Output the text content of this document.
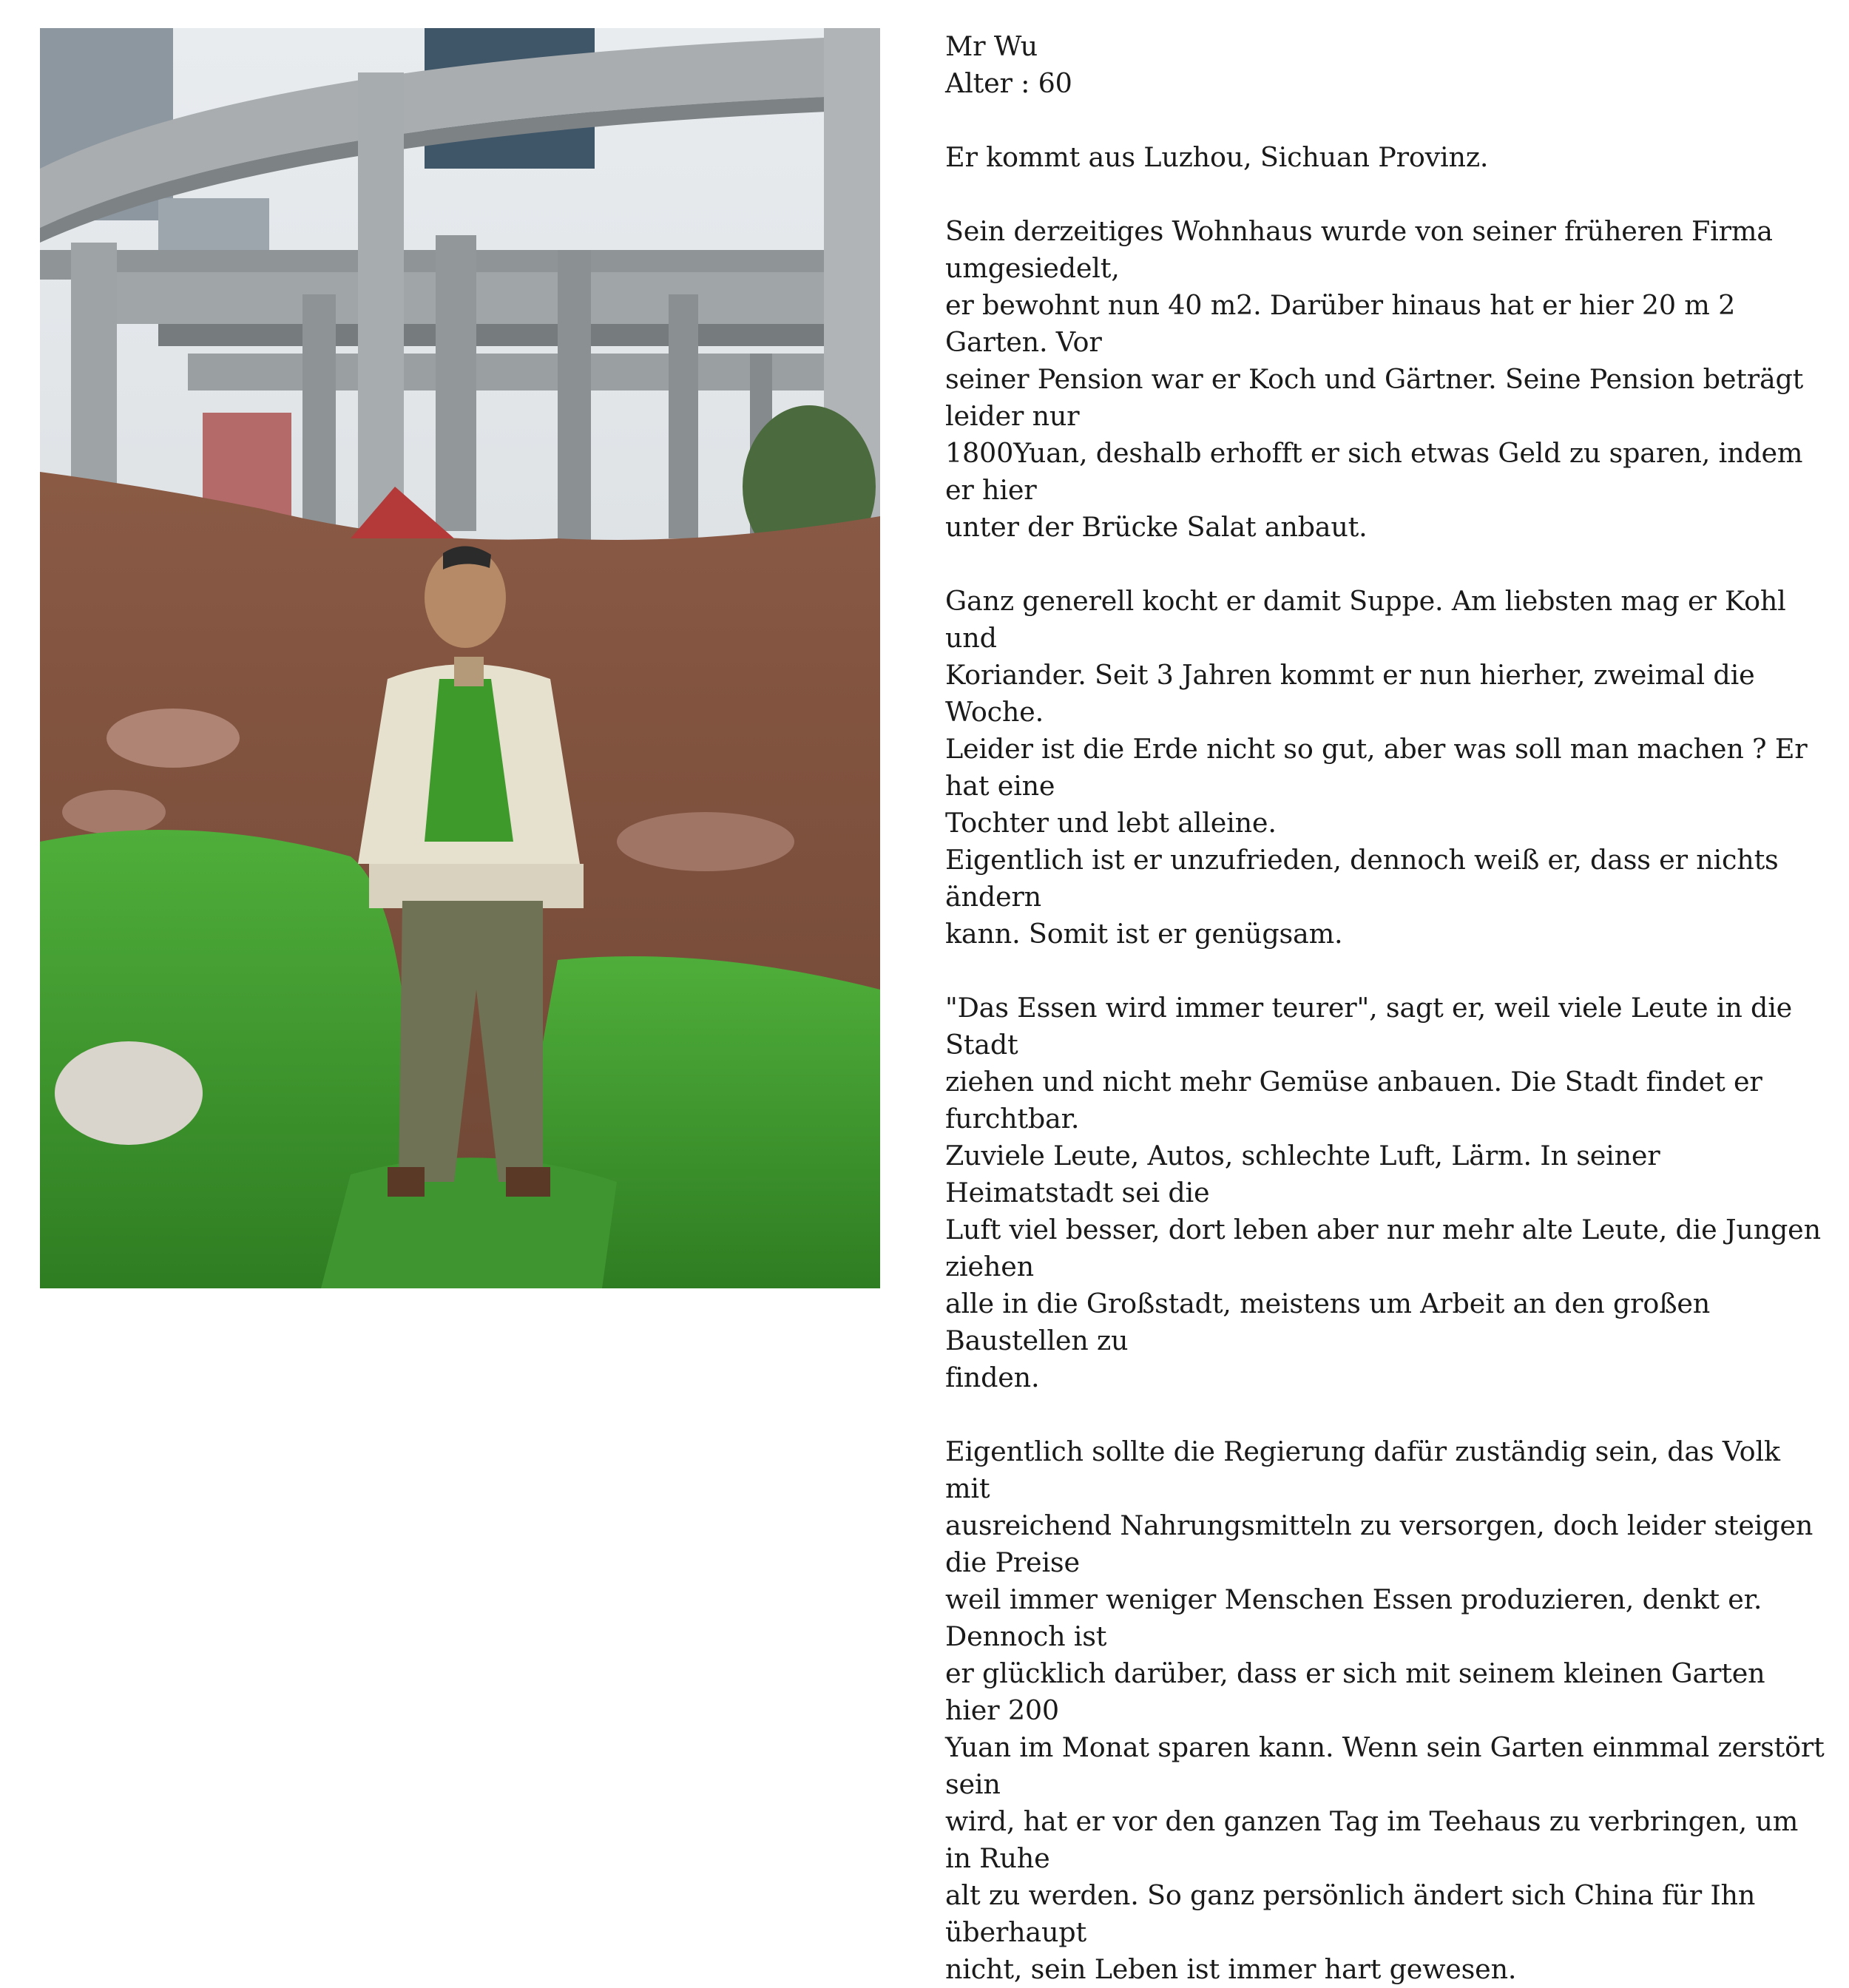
Mr Wu
Alter : 60

Er kommt aus Luzhou, Sichuan Provinz.

Sein derzeitiges Wohnhaus wurde von seiner früheren Firma umgesiedelt,
er bewohnt nun 40 m2. Darüber hinaus hat er hier 20 m 2 Garten. Vor
seiner Pension war er Koch und Gärtner. Seine Pension beträgt leider nur
1800Yuan, deshalb erhofft er sich etwas Geld zu sparen, indem er hier
unter der Brücke Salat anbaut.

Ganz generell kocht er damit Suppe. Am liebsten mag er Kohl und
Koriander. Seit 3 Jahren kommt er nun hierher, zweimal die Woche.
Leider ist die Erde nicht so gut, aber was soll man machen ? Er hat eine
Tochter und lebt alleine.

Eigentlich ist er unzufrieden, dennoch weiß er, dass er nichts ändern
kann. Somit ist er genügsam.

"Das Essen wird immer teurer", sagt er, weil viele Leute in die Stadt
ziehen und nicht mehr Gemüse anbauen. Die Stadt findet er furchtbar.
Zuviele Leute, Autos, schlechte Luft, Lärm. In seiner Heimatstadt sei die
Luft viel besser, dort leben aber nur mehr alte Leute, die Jungen ziehen
alle in die Großstadt, meistens um Arbeit an den großen Baustellen zu
finden.

Eigentlich sollte die Regierung dafür zuständig sein, das Volk mit
ausreichend Nahrungsmitteln zu versorgen, doch leider steigen die Preise
weil immer weniger Menschen Essen produzieren, denkt er. Dennoch ist
er glücklich darüber, dass er sich mit seinem kleinen Garten hier 200
Yuan im Monat sparen kann. Wenn sein Garten einmmal zerstört sein
wird, hat er vor den ganzen Tag im Teehaus zu verbringen, um in Ruhe
alt zu werden. So ganz persönlich ändert sich China für Ihn überhaupt
nicht, sein Leben ist immer hart gewesen.
